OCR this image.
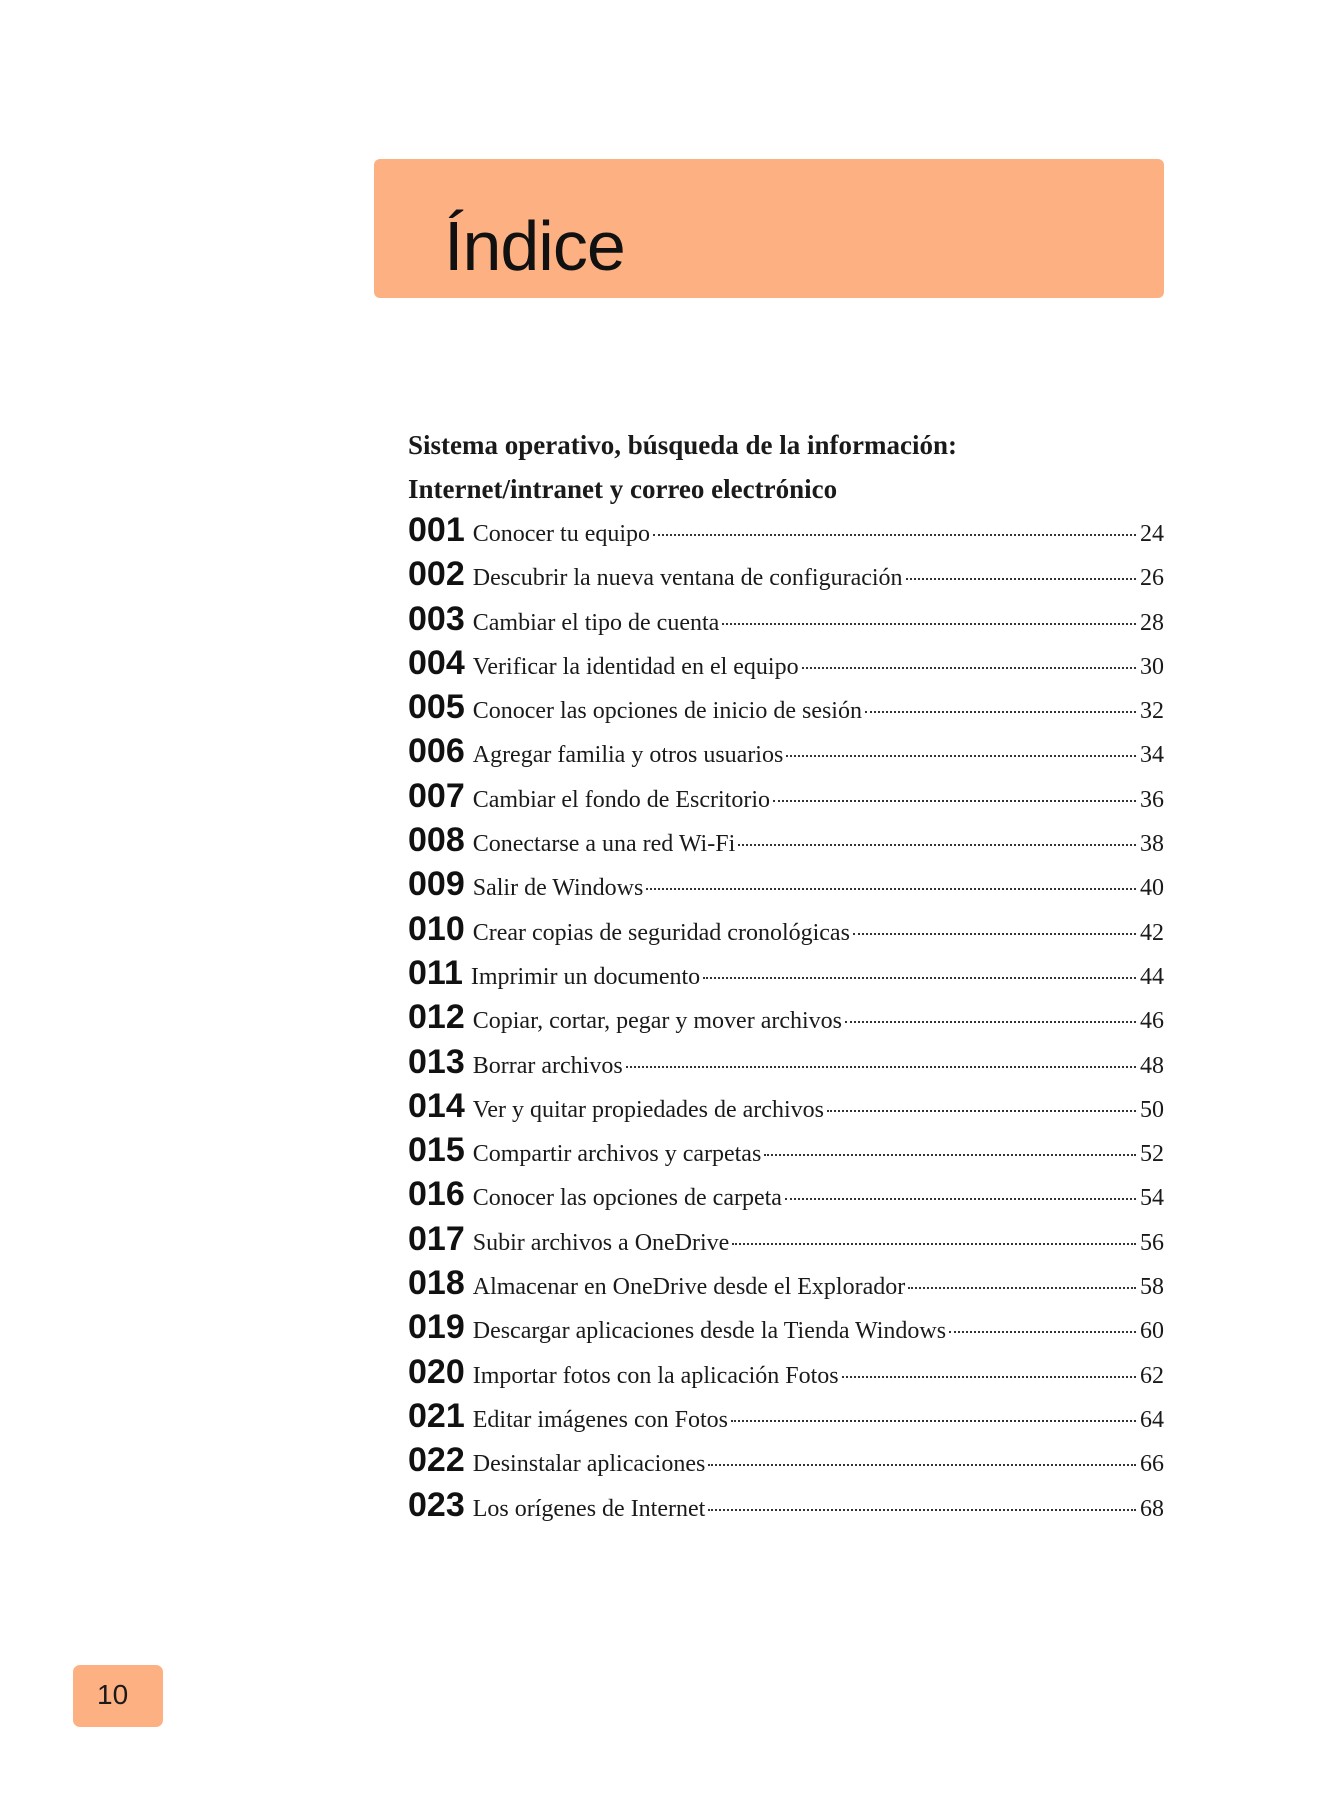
Índice

Sistema operativo, búsqueda de la información:

Internet/intranet y correo electrónico

001 Conocer tu equipo	24
002 Descubrir la nueva ventana de configuración	26
003 Cambiar el tipo de cuenta	28
004 Verificar la identidad en el equipo	30
005 Conocer las opciones de inicio de sesión	32
006 Agregar familia y otros usuarios	34
007 Cambiar el fondo de Escritorio	36
008 Conectarse a una red Wi-Fi	38
009 Salir de Windows	40
010 Crear copias de seguridad cronológicas	42
011 Imprimir un documento	44
012 Copiar, cortar, pegar y mover archivos	46
013 Borrar archivos	48
014 Ver y quitar propiedades de archivos	50
015 Compartir archivos y carpetas	52
016 Conocer las opciones de carpeta	54
017 Subir archivos a OneDrive	56
018 Almacenar en OneDrive desde el Explorador	58
019 Descargar aplicaciones desde la Tienda Windows	60
020 Importar fotos con la aplicación Fotos	62
021 Editar imágenes con Fotos	64
022 Desinstalar aplicaciones	66
023 Los orígenes de Internet	68
10
